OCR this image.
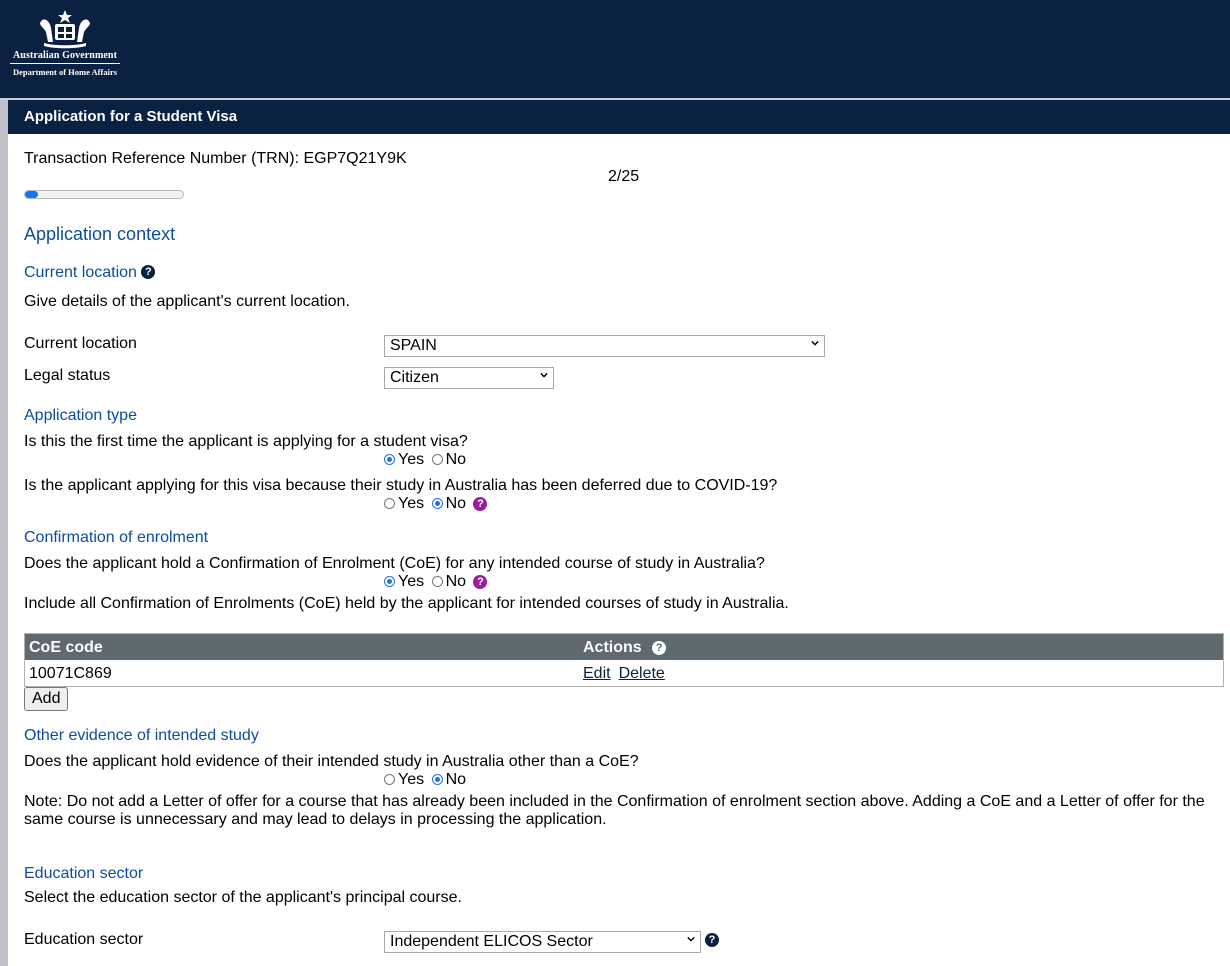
Australian Government
Department of Home Affairs
Application for a Student Visa
Transaction Reference Number (TRN): EGP7Q21Y9K
2/25
Application context
Current location ?
Give details of the applicant's current location.
Current location	SPAIN
Legal status	Citizen
Application type
Is this the first time the applicant is applying for a student visa?
Yes No
Is the applicant applying for this visa because their study in Australia has been deferred due to COVID-19?
Yes No ?
Confirmation of enrolment
Does the applicant hold a Confirmation of Enrolment (CoE) for any intended course of study in Australia?
Yes No ?
Include all Confirmation of Enrolments (CoE) held by the applicant for intended courses of study in Australia.
CoE code	Actions ?
10071C869	Edit Delete
Add
Other evidence of intended study
Does the applicant hold evidence of their intended study in Australia other than a CoE?
Yes No
Note: Do not add a Letter of offer for a course that has already been included in the Confirmation of enrolment section above. Adding a CoE and a Letter of offer for the
same course is unnecessary and may lead to delays in processing the application.
Education sector
Select the education sector of the applicant's principal course.
Education sector	Independent ELICOS Sector	?
